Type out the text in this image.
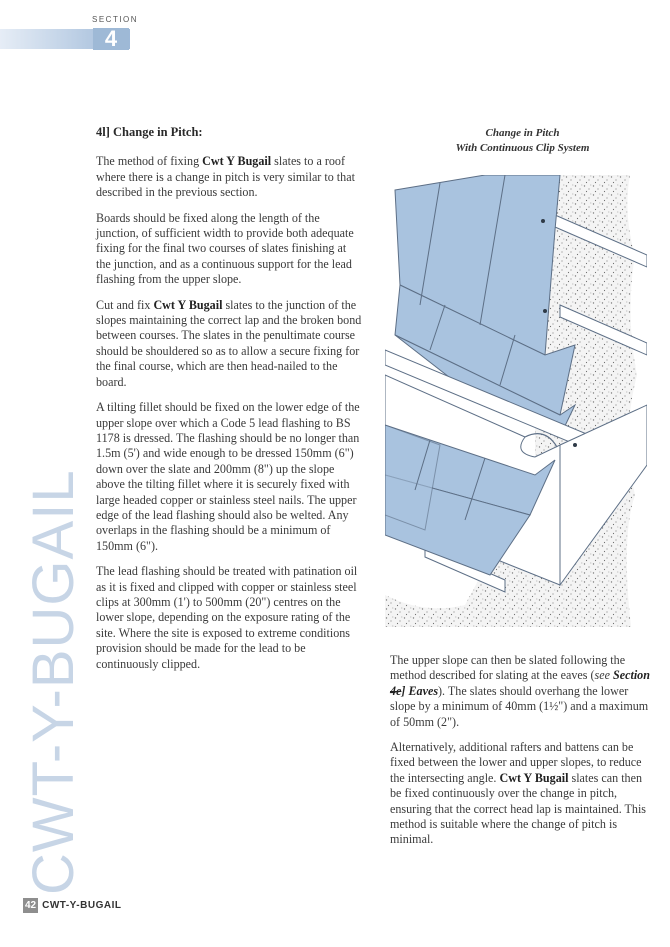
SECTION
4
CWT-Y-BUGAIL
4l] Change in Pitch:

The method of fixing Cwt Y Bugail slates to a roof where there is a change in pitch is very similar to that described in the previous section.

Boards should be fixed along the length of the junction, of sufficient width to provide both adequate fixing for the final two courses of slates finishing at the junction, and as a continuous support for the lead flashing from the upper slope.

Cut and fix Cwt Y Bugail slates to the junction of the slopes maintaining the correct lap and the broken bond between courses. The slates in the penultimate course should be shouldered so as to allow a secure fixing for the final course, which are then head-nailed to the board.

A tilting fillet should be fixed on the lower edge of the upper slope over which a Code 5 lead flashing to BS 1178 is dressed. The flashing should be no longer than 1.5m (5') and wide enough to be dressed 150mm (6") down over the slate and 200mm (8") up the slope above the tilting fillet where it is securely fixed with large headed copper or stainless steel nails. The upper edge of the lead flashing should also be welted. Any overlaps in the flashing should be a minimum of 150mm (6").

The lead flashing should be treated with patination oil as it is fixed and clipped with copper or stainless steel clips at 300mm (1') to 500mm (20") centres on the lower slope, depending on the exposure rating of the site. Where the site is exposed to extreme conditions provision should be made for the lead to be continuously clipped.

Change in Pitch
With Continuous Clip System

The upper slope can then be slated following the method described for slating at the eaves (see Section 4e] Eaves). The slates should overhang the lower slope by a minimum of 40mm (1½") and a maximum of 50mm (2").

Alternatively, additional rafters and battens can be fixed between the lower and upper slopes, to reduce the intersecting angle. Cwt Y Bugail slates can then be fixed continuously over the change in pitch, ensuring that the correct head lap is maintained. This method is suitable where the change of pitch is minimal.

42 CWT-Y-BUGAIL
